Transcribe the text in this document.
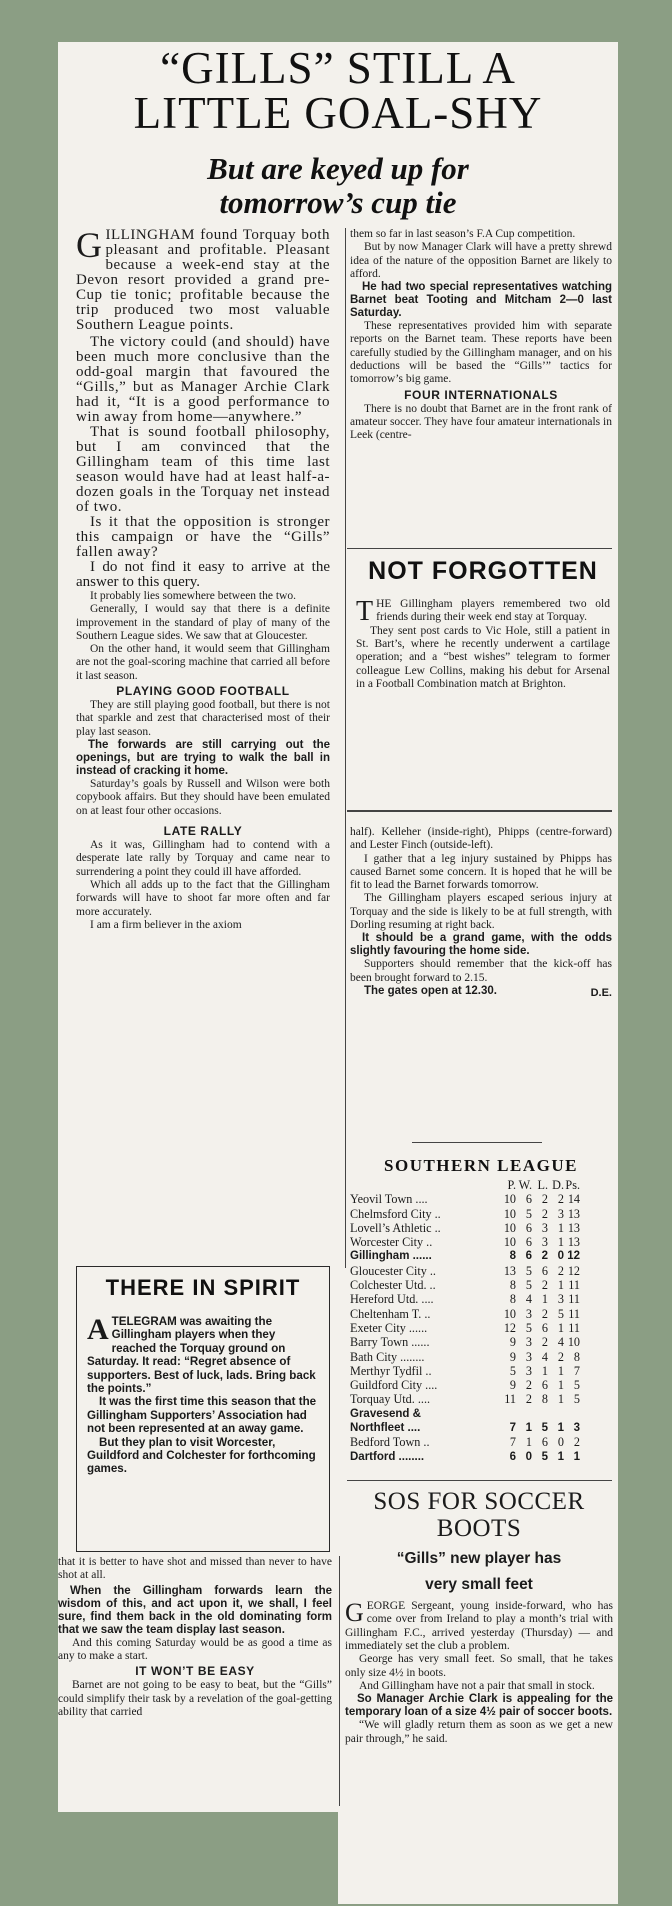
“GILLS” STILL A
LITTLE GOAL-SHY
But are keyed up for
tomorrow’s cup tie

GILLINGHAM found Torquay both pleasant and profitable. Pleasant because a week-end stay at the Devon resort provided a grand pre-Cup tie tonic; profitable because the trip produced two most valuable Southern League points.

The victory could (and should) have been much more conclusive than the odd-goal margin that favoured the “Gills,” but as Manager Archie Clark had it, “It is a good performance to win away from home—anywhere.”

That is sound football philosophy, but I am convinced that the Gillingham team of this time last season would have had at least half-a-dozen goals in the Torquay net instead of two.

Is it that the opposition is stronger this campaign or have the “Gills” fallen away?

I do not find it easy to arrive at the answer to this query.

It probably lies somewhere between the two.

Generally, I would say that there is a definite improvement in the standard of play of many of the Southern League sides. We saw that at Gloucester.

On the other hand, it would seem that Gillingham are not the goal-scoring machine that carried all before it last season.

PLAYING GOOD FOOTBALL

They are still playing good football, but there is not that sparkle and zest that characterised most of their play last season.

The forwards are still carrying out the openings, but are trying to walk the ball in instead of cracking it home.

Saturday’s goals by Russell and Wilson were both copybook affairs. But they should have been emulated on at least four other occasions.

LATE RALLY

As it was, Gillingham had to contend with a desperate late rally by Torquay and came near to surrendering a point they could ill have afforded.

Which all adds up to the fact that the Gillingham forwards will have to shoot far more often and far more accurately.

I am a firm believer in the axiom

THERE IN SPIRIT

ATELEGRAM was awaiting the Gillingham players when they reached the Torquay ground on Saturday. It read: “Regret absence of supporters. Best of luck, lads. Bring back the points.”

It was the first time this season that the Gillingham Supporters’ Association had not been represented at an away game.

But they plan to visit Worcester, Guildford and Colchester for forthcoming games.

that it is better to have shot and missed than never to have shot at all.

When the Gillingham forwards learn the wisdom of this, and act upon it, we shall, I feel sure, find them back in the old dominating form that we saw the team display last season.

And this coming Saturday would be as good a time as any to make a start.

IT WON’T BE EASY

Barnet are not going to be easy to beat, but the “Gills” could simplify their task by a revelation of the goal-getting ability that carried

them so far in last season’s F.A Cup competition.

But by now Manager Clark will have a pretty shrewd idea of the nature of the opposition Barnet are likely to afford.

He had two special representatives watching Barnet beat Tooting and Mitcham 2—0 last Saturday.

These representatives provided him with separate reports on the Barnet team. These reports have been carefully studied by the Gillingham manager, and on his deductions will be based the “Gills’” tactics for tomorrow’s big game.

FOUR INTERNATIONALS

There is no doubt that Barnet are in the front rank of amateur soccer. They have four amateur internationals in Leek (centre-

NOT FORGOTTEN

THE Gillingham players remembered two old friends during their week end stay at Torquay.

They sent post cards to Vic Hole, still a patient in St. Bart’s, where he recently underwent a cartilage operation; and a “best wishes” telegram to former colleague Lew Collins, making his debut for Arsenal in a Football Combination match at Brighton.

half). Kelleher (inside-right), Phipps (centre-forward) and Lester Finch (outside-left).

I gather that a leg injury sustained by Phipps has caused Barnet some concern. It is hoped that he will be fit to lead the Barnet forwards tomorrow.

The Gillingham players escaped serious injury at Torquay and the side is likely to be at full strength, with Dorling resuming at right back.

It should be a grand game, with the odds slightly favouring the home side.

Supporters should remember that the kick-off has been brought forward to 2.15.

The gates open at 12.30.	D.E.
SOUTHERN LEAGUE
	P.	W.	L.	D.	Ps.
Yeovil Town ....	10	6	2	2	14
Chelmsford City ..	10	5	2	3	13
Lovell’s Athletic ..	10	6	3	1	13
Worcester City ..	10	6	3	1	13
Gillingham ......	8	6	2	0	12
Gloucester City ..	13	5	6	2	12
Colchester Utd. ..	8	5	2	1	11
Hereford Utd. ....	8	4	1	3	11
Cheltenham T. ..	10	3	2	5	11
Exeter City ......	12	5	6	1	11
Barry Town ......	9	3	2	4	10
Bath City ........	9	3	4	2	8
Merthyr Tydfil ..	5	3	1	1	7
Guildford City ....	9	2	6	1	5
Torquay Utd. ....	11	2	8	1	5
Gravesend &					
Northfleet ....	7	1	5	1	3
Bedford Town ..	7	1	6	0	2
Dartford ........	6	0	5	1	1
SOS FOR SOCCER
BOOTS
“Gills” new player has
very small feet

GEORGE Sergeant, young inside-forward, who has come over from Ireland to play a month’s trial with Gillingham F.C., arrived yesterday (Thursday) — and immediately set the club a problem.

George has very small feet. So small, that he takes only size 4½ in boots.

And Gillingham have not a pair that small in stock.

So Manager Archie Clark is appealing for the temporary loan of a size 4½ pair of soccer boots.

“We will gladly return them as soon as we get a new pair through,” he said.
